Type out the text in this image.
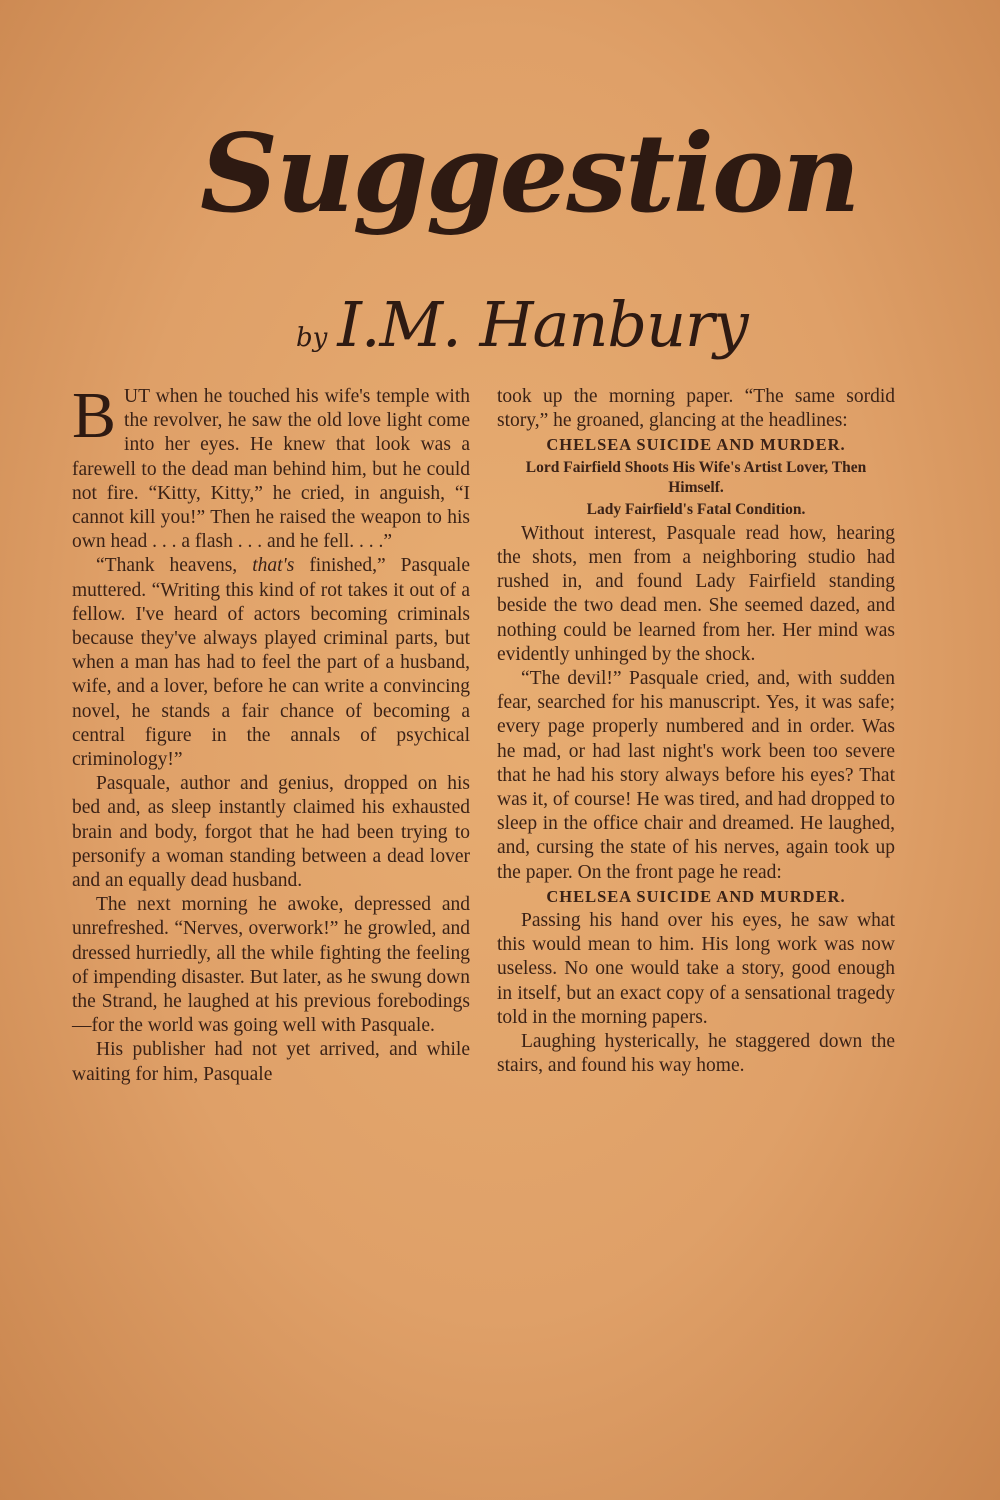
Suggestion
by I.M. Hanbury

BUT when he touched his wife's temple with the revolver, he saw the old love light come into her eyes. He knew that look was a farewell to the dead man behind him, but he could not fire. “Kitty, Kitty,” he cried, in anguish, “I cannot kill you!” Then he raised the weapon to his own head . . . a flash . . . and he fell. . . .”

“Thank heavens, that's finished,” Pasquale muttered. “Writing this kind of rot takes it out of a fellow. I've heard of actors becoming criminals because they've always played criminal parts, but when a man has had to feel the part of a husband, wife, and a lover, before he can write a convincing novel, he stands a fair chance of becoming a central figure in the annals of psychical criminology!”

Pasquale, author and genius, dropped on his bed and, as sleep instantly claimed his exhausted brain and body, forgot that he had been trying to personify a woman standing between a dead lover and an equally dead husband.

The next morning he awoke, depressed and unrefreshed. “Nerves, overwork!” he growled, and dressed hurriedly, all the while fighting the feeling of impending disaster. But later, as he swung down the Strand, he laughed at his previous forebodings—for the world was going well with Pasquale.

His publisher had not yet arrived, and while waiting for him, Pasquale

took up the morning paper. “The same sordid story,” he groaned, glancing at the headlines:

CHELSEA SUICIDE AND MURDER.

Lord Fairfield Shoots His Wife's Artist Lover, Then Himself.

Lady Fairfield's Fatal Condition.

Without interest, Pasquale read how, hearing the shots, men from a neighboring studio had rushed in, and found Lady Fairfield standing beside the two dead men. She seemed dazed, and nothing could be learned from her. Her mind was evidently unhinged by the shock.

“The devil!” Pasquale cried, and, with sudden fear, searched for his manuscript. Yes, it was safe; every page properly numbered and in order. Was he mad, or had last night's work been too severe that he had his story always before his eyes? That was it, of course! He was tired, and had dropped to sleep in the office chair and dreamed. He laughed, and, cursing the state of his nerves, again took up the paper. On the front page he read:

CHELSEA SUICIDE AND MURDER.

Passing his hand over his eyes, he saw what this would mean to him. His long work was now useless. No one would take a story, good enough in itself, but an exact copy of a sensational tragedy told in the morning papers.

Laughing hysterically, he staggered down the stairs, and found his way home.
